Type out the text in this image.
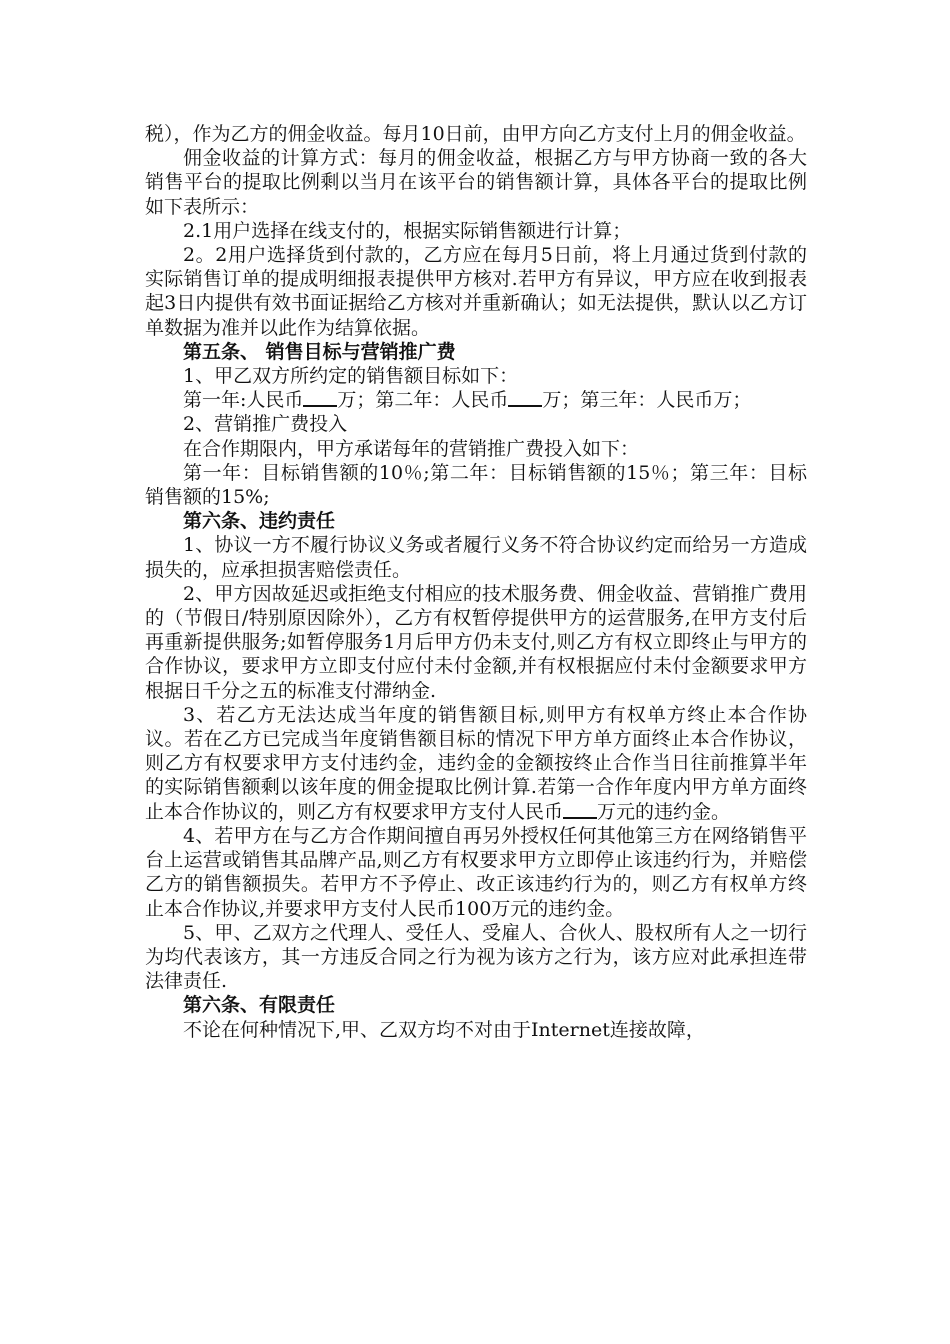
税），作为乙方的佣金收益。每月10日前，由甲方向乙方支付上月的佣金收益。

佣金收益的计算方式：每月的佣金收益，根据乙方与甲方协商一致的各大销售平台的提取比例剩以当月在该平台的销售额计算，具体各平台的提取比例如下表所示：

2.1用户选择在线支付的，根据实际销售额进行计算；

2。2用户选择货到付款的，乙方应在每月5日前，将上月通过货到付款的实际销售订单的提成明细报表提供甲方核对.若甲方有异议，甲方应在收到报表起3日内提供有效书面证据给乙方核对并重新确认；如无法提供，默认以乙方订单数据为准并以此作为结算依据。

第五条、 销售目标与营销推广费

1、甲乙双方所约定的销售额目标如下：

第一年:人民币 万；第二年：人民币 万；第三年：人民币万；

2、营销推广费投入

在合作期限内，甲方承诺每年的营销推广费投入如下：

第一年：目标销售额的10％;第二年：目标销售额的15％；第三年：目标销售额的15%;

第六条、违约责任

1、协议一方不履行协议义务或者履行义务不符合协议约定而给另一方造成损失的，应承担损害赔偿责任。

2、甲方因故延迟或拒绝支付相应的技术服务费、佣金收益、营销推广费用的（节假日/特别原因除外），乙方有权暂停提供甲方的运营服务,在甲方支付后再重新提供服务;如暂停服务1月后甲方仍未支付,则乙方有权立即终止与甲方的合作协议，要求甲方立即支付应付未付金额,并有权根据应付未付金额要求甲方根据日千分之五的标准支付滞纳金.

3、若乙方无法达成当年度的销售额目标,则甲方有权单方终止本合作协议。若在乙方已完成当年度销售额目标的情况下甲方单方面终止本合作协议，则乙方有权要求甲方支付违约金，违约金的金额按终止合作当日往前推算半年的实际销售额剩以该年度的佣金提取比例计算.若第一合作年度内甲方单方面终止本合作协议的，则乙方有权要求甲方支付人民币 万元的违约金。

4、若甲方在与乙方合作期间擅自再另外授权任何其他第三方在网络销售平台上运营或销售其品牌产品,则乙方有权要求甲方立即停止该违约行为，并赔偿乙方的销售额损失。若甲方不予停止、改正该违约行为的，则乙方有权单方终止本合作协议,并要求甲方支付人民币100万元的违约金。

5、甲、乙双方之代理人、受任人、受雇人、合伙人、股权所有人之一切行为均代表该方，其一方违反合同之行为视为该方之行为，该方应对此承担连带法律责任.

第六条、有限责任

不论在何种情况下,甲、乙双方均不对由于Internet连接故障，
